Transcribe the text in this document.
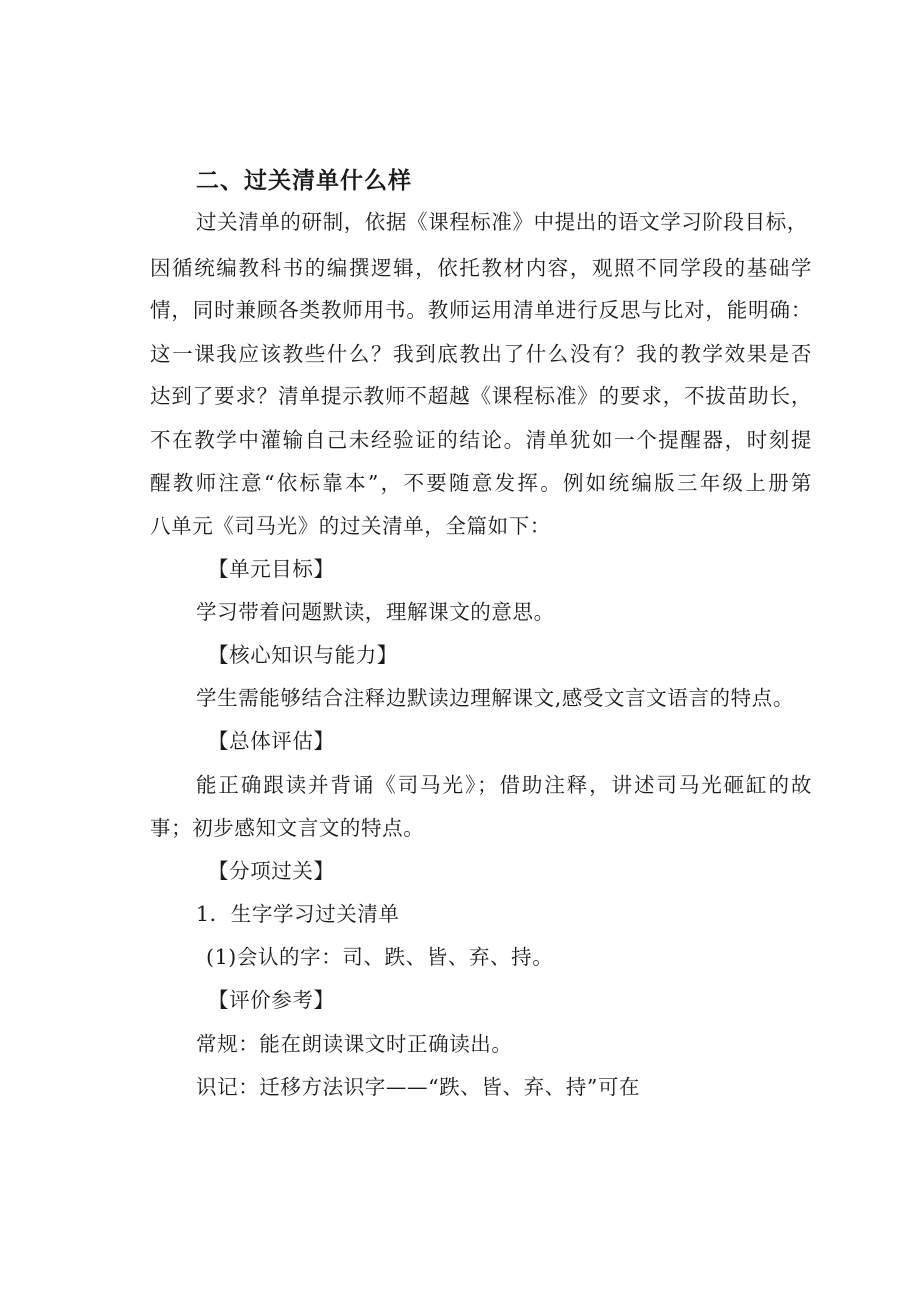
二、过关清单什么样
过关清单的研制，依据《课程标准》中提出的语文学习阶段目标，
因循统编教科书的编撰逻辑，依托教材内容，观照不同学段的基础学
情，同时兼顾各类教师用书。教师运用清单进行反思与比对，能明确：
这一课我应该教些什么？我到底教出了什么没有？我的教学效果是否
达到了要求？清单提示教师不超越《课程标准》的要求，不拔苗助长，
不在教学中灌输自己未经验证的结论。清单犹如一个提醒器，时刻提
醒教师注意“依标靠本”，不要随意发挥。例如统编版三年级上册第
八单元《司马光》的过关清单，全篇如下：
【单元目标】
学习带着问题默读，理解课文的意思。
【核心知识与能力】
学生需能够结合注释边默读边理解课文,感受文言文语言的特点。
【总体评估】
能正确跟读并背诵《司马光》；借助注释，讲述司马光砸缸的故
事；初步感知文言文的特点。
【分项过关】
1．生字学习过关清单
(1)会认的字：司、跌、皆、弃、持。
【评价参考】
常规：能在朗读课文时正确读出。
识记：迁移方法识字——“跌、皆、弃、持”可在
